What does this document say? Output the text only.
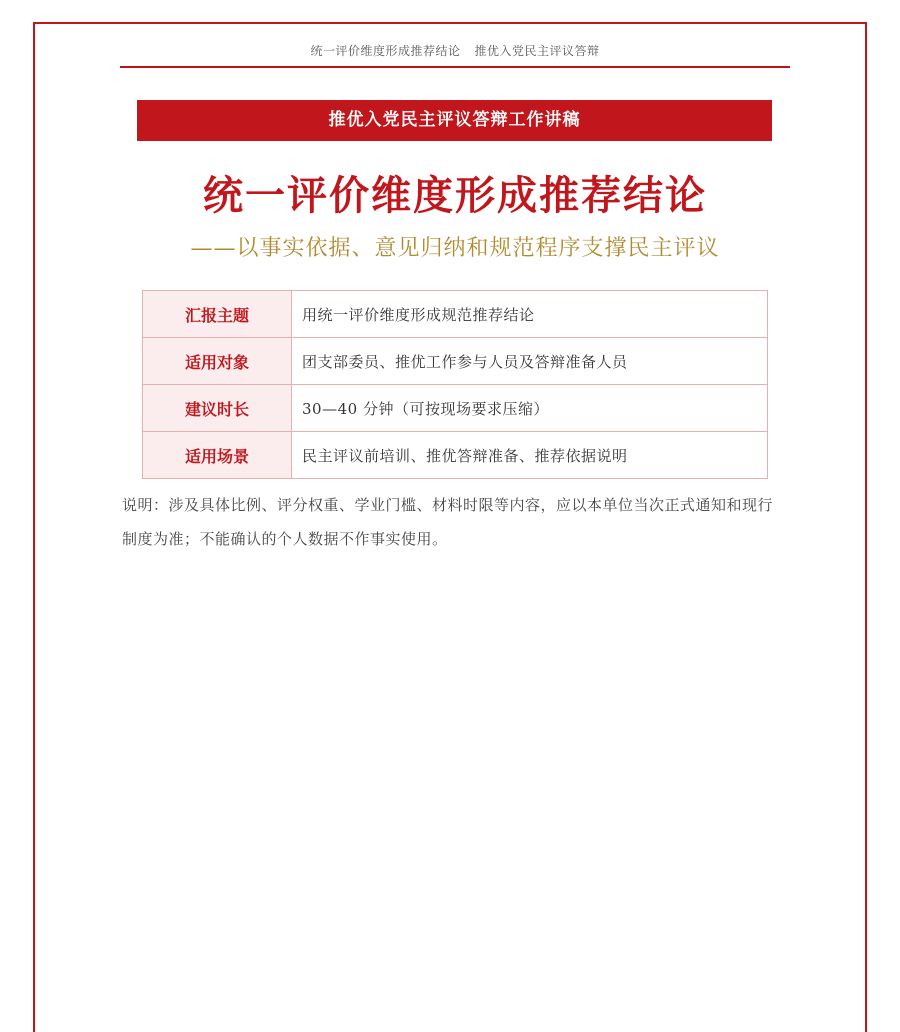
统一评价维度形成推荐结论 推优入党民主评议答辩
推优入党民主评议答辩工作讲稿
统一评价维度形成推荐结论
——以事实依据、意见归纳和规范程序支撑民主评议
汇报主题	用统一评价维度形成规范推荐结论
适用对象	团支部委员、推优工作参与人员及答辩准备人员
建议时长	30—40 分钟（可按现场要求压缩）
适用场景	民主评议前培训、推优答辩准备、推荐依据说明
说明：涉及具体比例、评分权重、学业门槛、材料时限等内容，应以本单位当次正式通知和现行制度为准；不能确认的个人数据不作事实使用。
